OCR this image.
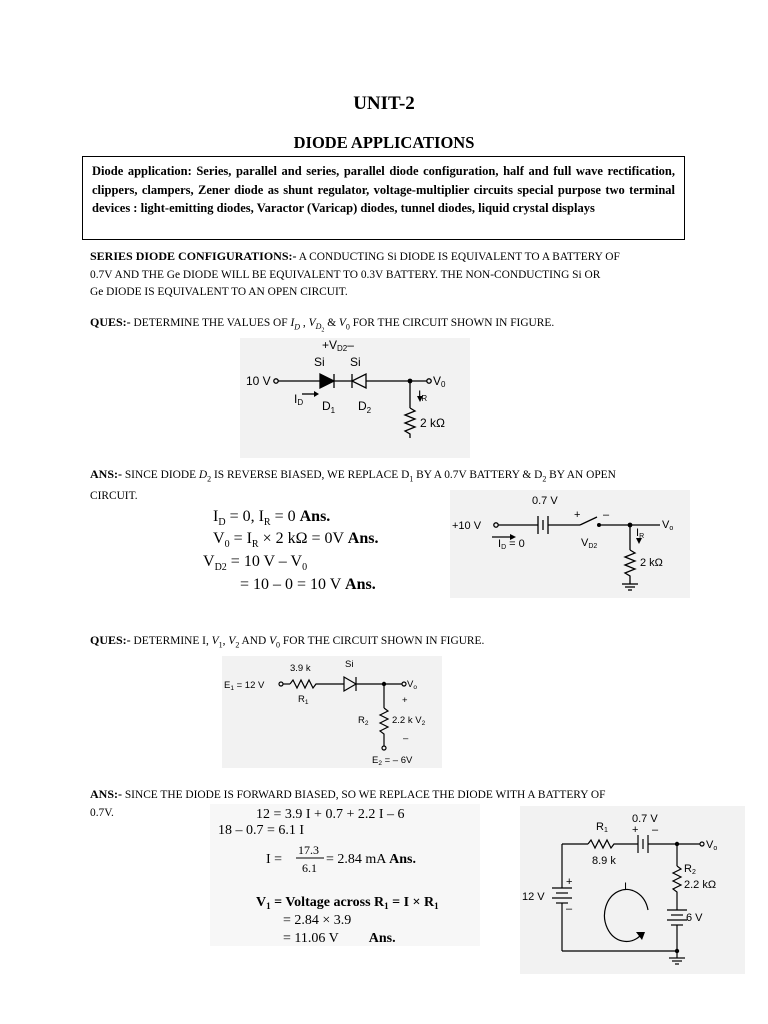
UNIT-2
DIODE APPLICATIONS
Diode application: Series, parallel and series, parallel diode configuration, half and full wave rectification, clippers, clampers, Zener diode as shunt regulator, voltage-multiplier circuits special purpose two terminal devices : light-emitting diodes, Varactor (Varicap) diodes, tunnel diodes, liquid crystal displays
SERIES DIODE CONFIGURATIONS:- A CONDUCTING Si DIODE IS EQUIVALENT TO A BATTERY OF
0.7V AND THE Ge DIODE WILL BE EQUIVALENT TO 0.3V BATTERY. THE NON-CONDUCTING Si OR
Ge DIODE IS EQUIVALENT TO AN OPEN CIRCUIT.
QUES:- DETERMINE THE VALUES OF $I_D$ , $V_{D_2}$ & $V_0$ FOR THE CIRCUIT SHOWN IN FIGURE.
+VD2–
Si Si
10 V	V0
ID $D_1$ $D_2$
IR
2 kΩ
ANS:- SINCE DIODE $D_2$ IS REVERSE BIASED, WE REPLACE $D_1$ BY A 0.7V BATTERY & $D_2$ BY AN OPEN
CIRCUIT.
$I_D = 0$, $I_R = 0$ Ans.
$V_0 = I_R \times 2$ kΩ = 0V Ans.
$V_{D2} = 10$ V – $V_0$
= 10 – 0 = 10 V Ans.
0.7 V
+10 V	Vo
ID = 0
+ –
VD2
IR
2 kΩ
QUES:- DETERMINE I, $V_1$, $V_2$ AND $V_0$ FOR THE CIRCUIT SHOWN IN FIGURE.
3.9 k	Si
$E_1 = 12$ V
$R_1$
$V_o$
+
$R_2$ 2.2 k $V_2$
–
$E_2$ = – 6V
ANS:- SINCE THE DIODE IS FORWARD BIASED, SO WE REPLACE THE DIODE WITH A BATTERY OF
0.7V.	12 = 3.9 I + 0.7 + 2.2 I – 6
18 – 0.7 = 6.1 I
I =
17.3
6.1
= 2.84 mA Ans.
$V_1$ = Voltage across $R_1 = I \times R_1$
= 2.84 × 3.9
= 11.06 V Ans.
0.7 V
R1 + –
8.9 k
Vo
R2
2.2 kΩ
I
12 V
+
–
6 V
